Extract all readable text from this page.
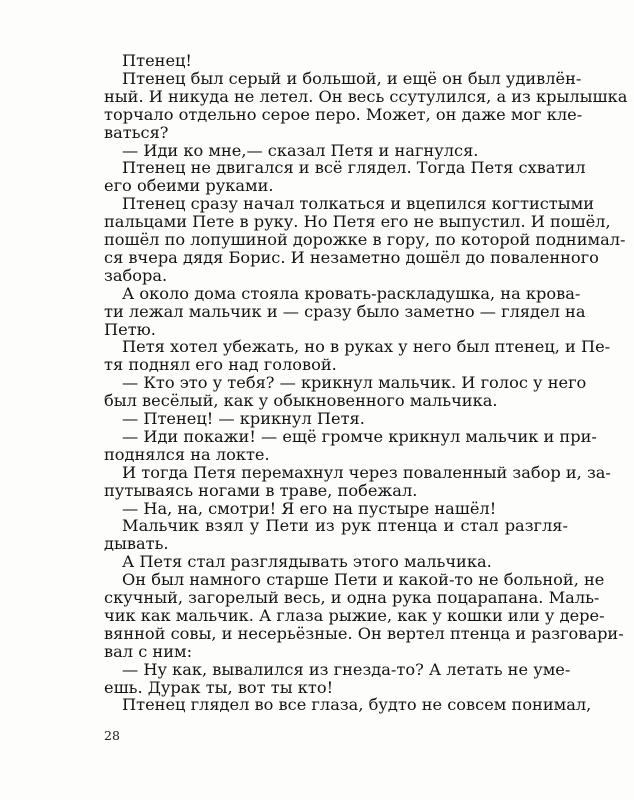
Птенец!
Птенец был серый и большой, и ещё он был удивлён-
ный. И никуда не летел. Он весь ссутулился, а из крылышка
торчало отдельно серое перо. Может, он даже мог кле-
ваться?
— Иди ко мне,— сказал Петя и нагнулся.
Птенец не двигался и всё глядел. Тогда Петя схватил
его обеими руками.
Птенец сразу начал толкаться и вцепился когтистыми
пальцами Пете в руку. Но Петя его не выпустил. И пошёл,
пошёл по лопушиной дорожке в гору, по которой поднимал-
ся вчера дядя Борис. И незаметно дошёл до поваленного
забора.
А около дома стояла кровать-раскладушка, на крова-
ти лежал мальчик и — сразу было заметно — глядел на
Петю.
Петя хотел убежать, но в руках у него был птенец, и Пе-
тя поднял его над головой.
— Кто это у тебя? — крикнул мальчик. И голос у него
был весёлый, как у обыкновенного мальчика.
— Птенец! — крикнул Петя.
— Иди покажи! — ещё громче крикнул мальчик и при-
поднялся на локте.
И тогда Петя перемахнул через поваленный забор и, за-
путываясь ногами в траве, побежал.
— На, на, смотри! Я его на пустыре нашёл!
Мальчик взял у Пети из рук птенца и стал разгля-
дывать.
А Петя стал разглядывать этого мальчика.
Он был намного старше Пети и какой-то не больной, не
скучный, загорелый весь, и одна рука поцарапана. Маль-
чик как мальчик. А глаза рыжие, как у кошки или у дере-
вянной совы, и несерьёзные. Он вертел птенца и разговари-
вал с ним:
— Ну как, вывалился из гнезда-то? А летать не уме-
ешь. Дурак ты, вот ты кто!
Птенец глядел во все глаза, будто не совсем понимал,
28
